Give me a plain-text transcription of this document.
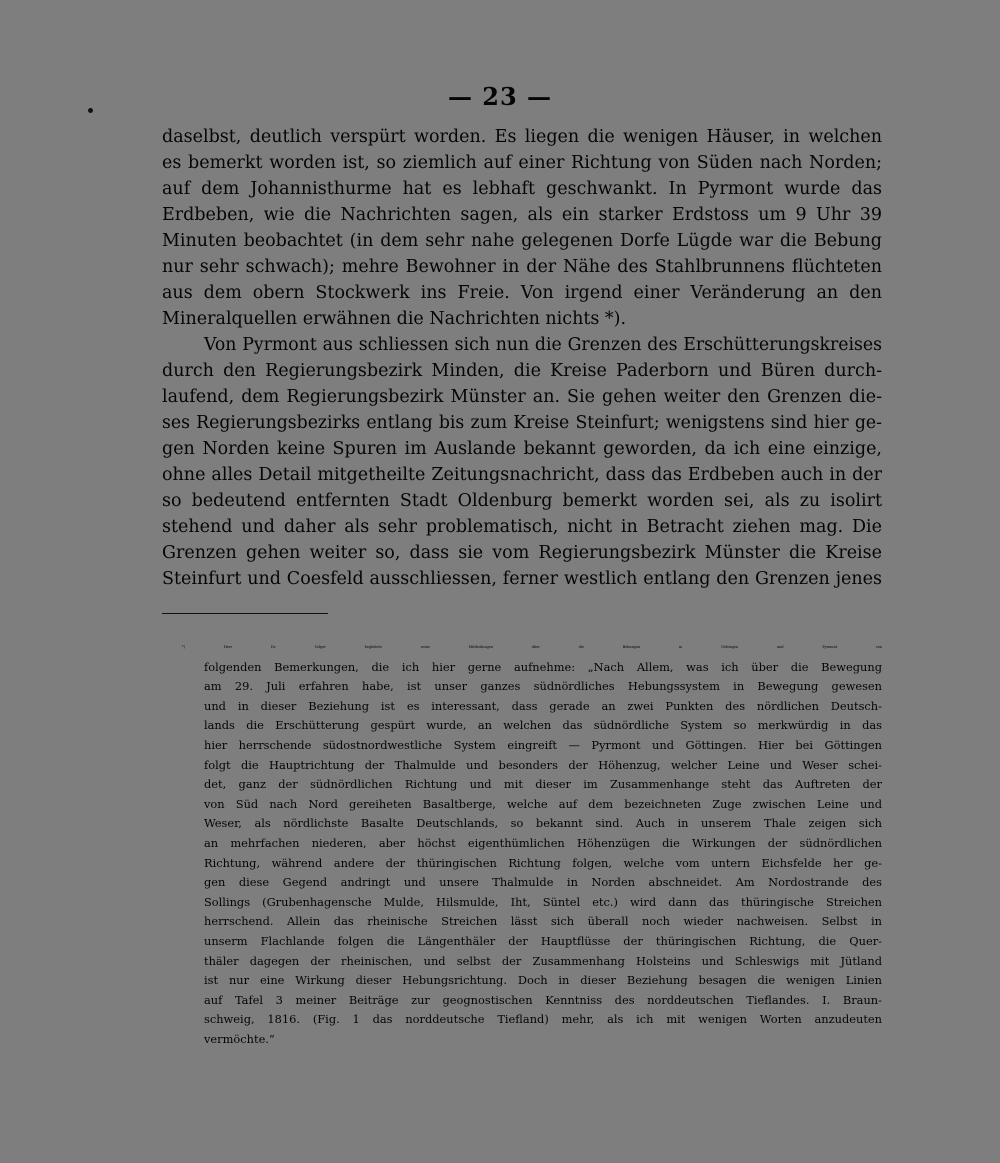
— 23 —
daselbst, deutlich verspürt worden. Es liegen die wenigen Häuser, in welchen
es bemerkt worden ist, so ziemlich auf einer Richtung von Süden nach Norden;
auf dem Johannisthurme hat es lebhaft geschwankt. In Pyrmont wurde das
Erdbeben, wie die Nachrichten sagen, als ein starker Erdstoss um 9 Uhr 39
Minuten beobachtet (in dem sehr nahe gelegenen Dorfe Lügde war die Bebung
nur sehr schwach); mehre Bewohner in der Nähe des Stahlbrunnens flüchteten
aus dem obern Stockwerk ins Freie. Von irgend einer Veränderung an den
Mineralquellen erwähnen die Nachrichten nichts *).
Von Pyrmont aus schliessen sich nun die Grenzen des Erschütterungskreises
durch den Regierungsbezirk Minden, die Kreise Paderborn und Büren durch-
laufend, dem Regierungsbezirk Münster an. Sie gehen weiter den Grenzen die-
ses Regierungsbezirks entlang bis zum Kreise Steinfurt; wenigstens sind hier ge-
gen Norden keine Spuren im Auslande bekannt geworden, da ich eine einzige,
ohne alles Detail mitgetheilte Zeitungsnachricht, dass das Erdbeben auch in der
so bedeutend entfernten Stadt Oldenburg bemerkt worden sei, als zu isolirt
stehend und daher als sehr problematisch, nicht in Betracht ziehen mag. Die
Grenzen gehen weiter so, dass sie vom Regierungsbezirk Münster die Kreise
Steinfurt und Coesfeld ausschliessen, ferner westlich entlang den Grenzen jenes
*) Herr Dr. Volger begleitete seine Mittheilungen über die Bebungen in Göttingen und Pyrmont von
folgenden Bemerkungen, die ich hier gerne aufnehme: „Nach Allem, was ich über die Bewegung
am 29. Juli erfahren habe, ist unser ganzes südnördliches Hebungssystem in Bewegung gewesen
und in dieser Beziehung ist es interessant, dass gerade an zwei Punkten des nördlichen Deutsch-
lands die Erschütterung gespürt wurde, an welchen das südnördliche System so merkwürdig in das
hier herrschende südostnordwestliche System eingreift — Pyrmont und Göttingen. Hier bei Göttingen
folgt die Hauptrichtung der Thalmulde und besonders der Höhenzug, welcher Leine und Weser schei-
det, ganz der südnördlichen Richtung und mit dieser im Zusammenhange steht das Auftreten der
von Süd nach Nord gereiheten Basaltberge, welche auf dem bezeichneten Zuge zwischen Leine und
Weser, als nördlichste Basalte Deutschlands, so bekannt sind. Auch in unserem Thale zeigen sich
an mehrfachen niederen, aber höchst eigenthümlichen Höhenzügen die Wirkungen der südnördlichen
Richtung, während andere der thüringischen Richtung folgen, welche vom untern Eichsfelde her ge-
gen diese Gegend andringt und unsere Thalmulde in Norden abschneidet. Am Nordostrande des
Sollings (Grubenhagensche Mulde, Hilsmulde, Iht, Süntel etc.) wird dann das thüringische Streichen
herrschend. Allein das rheinische Streichen lässt sich überall noch wieder nachweisen. Selbst in
unserm Flachlande folgen die Längenthäler der Hauptflüsse der thüringischen Richtung, die Quer-
thäler dagegen der rheinischen, und selbst der Zusammenhang Holsteins und Schleswigs mit Jütland
ist nur eine Wirkung dieser Hebungsrichtung. Doch in dieser Beziehung besagen die wenigen Linien
auf Tafel 3 meiner Beiträge zur geognostischen Kenntniss des norddeutschen Tieflandes. I. Braun-
schweig, 1816. (Fig. 1 das norddeutsche Tiefland) mehr, als ich mit wenigen Worten anzudeuten
vermöchte.“
